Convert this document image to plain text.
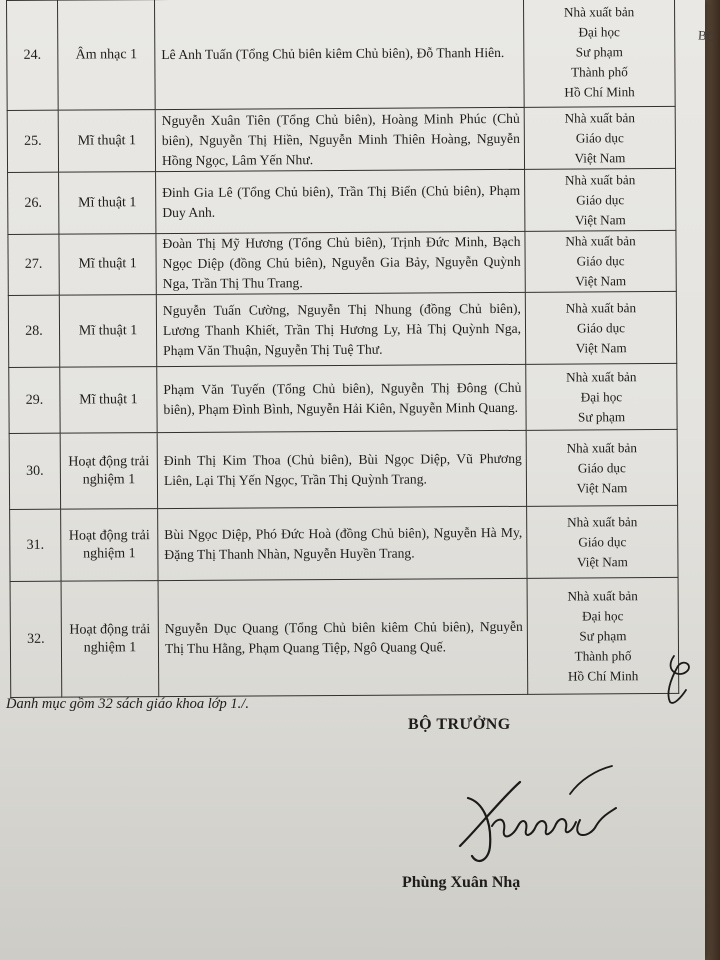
24.	Âm nhạc 1	Lê Anh Tuấn (Tổng Chủ biên kiêm Chủ biên), Đỗ Thanh Hiên.	Nhà xuất bản
Đại học
Sư phạm
Thành phố
Hồ Chí Minh

25.	Mĩ thuật 1	Nguyễn Xuân Tiên (Tổng Chủ biên), Hoàng Minh Phúc (Chủ biên), Nguyễn Thị Hiền, Nguyễn Minh Thiên Hoàng, Nguyễn Hồng Ngọc, Lâm Yến Như.	Nhà xuất bản
Giáo dục
Việt Nam

26.	Mĩ thuật 1	Đinh Gia Lê (Tổng Chủ biên), Trần Thị Biển (Chủ biên), Phạm Duy Anh.	Nhà xuất bản
Giáo dục
Việt Nam

27.	Mĩ thuật 1	Đoàn Thị Mỹ Hương (Tổng Chủ biên), Trịnh Đức Minh, Bạch Ngọc Diệp (đồng Chủ biên), Nguyễn Gia Bảy, Nguyễn Quỳnh Nga, Trần Thị Thu Trang.	Nhà xuất bản
Giáo dục
Việt Nam

28.	Mĩ thuật 1	Nguyễn Tuấn Cường, Nguyễn Thị Nhung (đồng Chủ biên), Lương Thanh Khiết, Trần Thị Hương Ly, Hà Thị Quỳnh Nga, Phạm Văn Thuận, Nguyễn Thị Tuệ Thư.	Nhà xuất bản
Giáo dục
Việt Nam

29.	Mĩ thuật 1	Phạm Văn Tuyến (Tổng Chủ biên), Nguyễn Thị Đông (Chủ biên), Phạm Đình Bình, Nguyễn Hải Kiên, Nguyễn Minh Quang.	Nhà xuất bản
Đại học
Sư phạm

30.	Hoạt động trải nghiệm 1	Đinh Thị Kim Thoa (Chủ biên), Bùi Ngọc Diệp, Vũ Phương Liên, Lại Thị Yến Ngọc, Trần Thị Quỳnh Trang.	Nhà xuất bản
Giáo dục
Việt Nam

31.	Hoạt động trải nghiệm 1	Bùi Ngọc Diệp, Phó Đức Hoà (đồng Chủ biên), Nguyễn Hà My, Đặng Thị Thanh Nhàn, Nguyễn Huyền Trang.	Nhà xuất bản
Giáo dục
Việt Nam

32.	Hoạt động trải nghiệm 1	Nguyễn Dục Quang (Tổng Chủ biên kiêm Chủ biên), Nguyễn Thị Thu Hằng, Phạm Quang Tiệp, Ngô Quang Quế.	Nhà xuất bản
Đại học
Sư phạm
Thành phố
Hồ Chí Minh
Danh mục gồm 32 sách giáo khoa lớp 1./.
BỘ TRƯỞNG
Phùng Xuân Nhạ
BC
